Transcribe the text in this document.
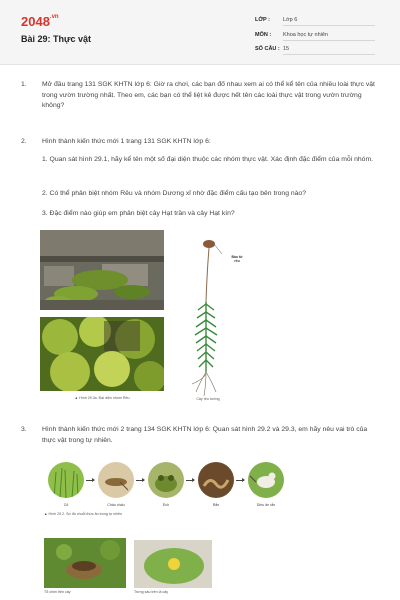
$2048^{.vn}$
Bài 29: Thực vật
LỚP :	Lớp 6
MÔN :	Khoa học tự nhiên
SỐ CÂU : 15
1. Mở đầu trang 131 SGK KHTN lớp 6: Giờ ra chơi, các bạn đố nhau xem ai có thể kể tên của nhiều loài thực vật trong vườn trường nhất. Theo em, các bạn có thể liệt kê được hết tên các loài thực vật trong vườn trường không?
2. Hình thành kiến thức mới 1 trang 131 SGK KHTN lớp 6:
1. Quan sát hình 29.1, hãy kể tên một số đại diện thuộc các nhóm thực vật. Xác định đặc điểm của mỗi nhóm.
2. Có thể phân biệt nhóm Rêu và nhóm Dương xỉ nhờ đặc điểm cấu tạo bên trong nào?
3. Đặc điểm nào giúp em phân biệt cây Hạt trần và cây Hạt kín?
▲ Hình 29.3a. Đại diện nhóm Rêu
Bào tử
rêu
Cây rêu tường
3. Hình thành kiến thức mới 2 trang 134 SGK KHTN lớp 6: Quan sát hình 29.2 và 29.3, em hãy nêu vai trò của thực vật trong tự nhiên.
Cỏ	Châu chấu	Ếch	Rắn	Diều ăn rắn
▲ Hình 29.2. Sơ đồ chuỗi thức ăn trong tự nhiên
Tổ chim trên cây	Trứng sâu trên lá cây
